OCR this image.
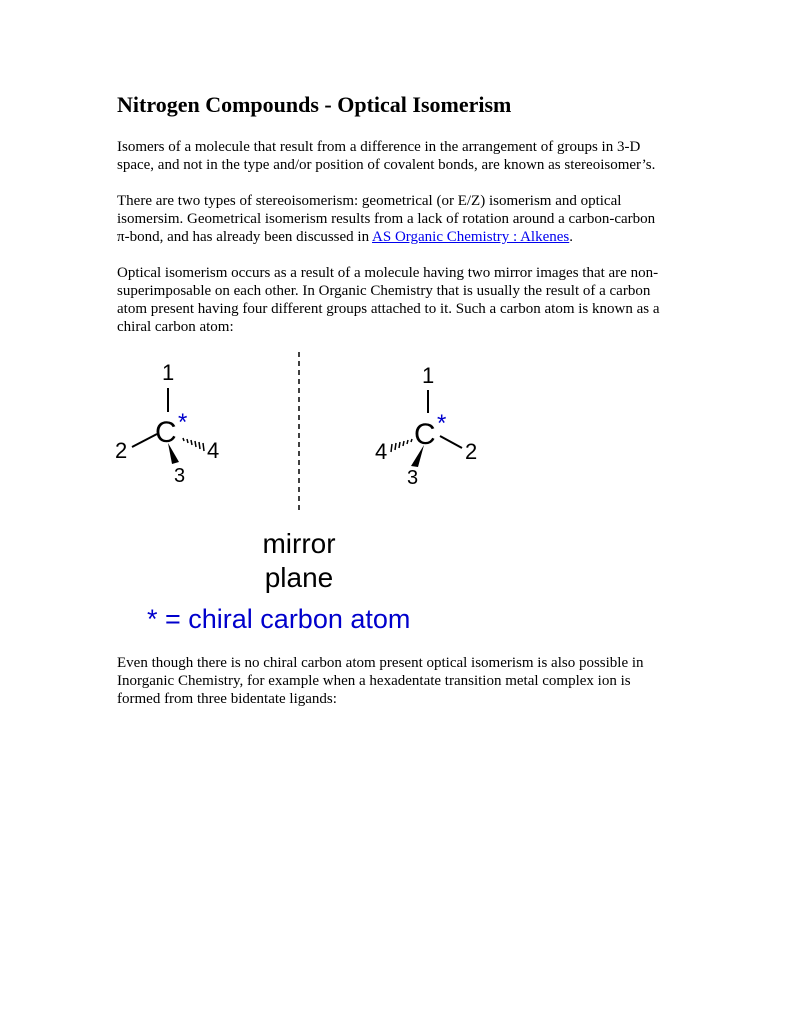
Nitrogen Compounds - Optical Isomerism

Isomers of a molecule that result from a difference in the arrangement of groups in 3-D
space, and not in the type and/or position of covalent bonds, are known as stereoisomer’s.

There are two types of stereoisomerism: geometrical (or E/Z) isomerism and optical
isomersim. Geometrical isomerism results from a lack of rotation around a carbon-carbon
π-bond, and has already been discussed in AS Organic Chemistry : Alkenes.

Optical isomerism occurs as a result of a molecule having two mirror images that are non-
superimposable on each other. In Organic Chemistry that is usually the result of a carbon
atom present having four different groups attached to it. Such a carbon atom is known as a
chiral carbon atom:

Even though there is no chiral carbon atom present optical isomerism is also possible in
Inorganic Chemistry, for example when a hexadentate transition metal complex ion is
formed from three bidentate ligands:

1
C *
2
3
4
1
C *
2
3
4
mirror
plane
* = chiral carbon atom
